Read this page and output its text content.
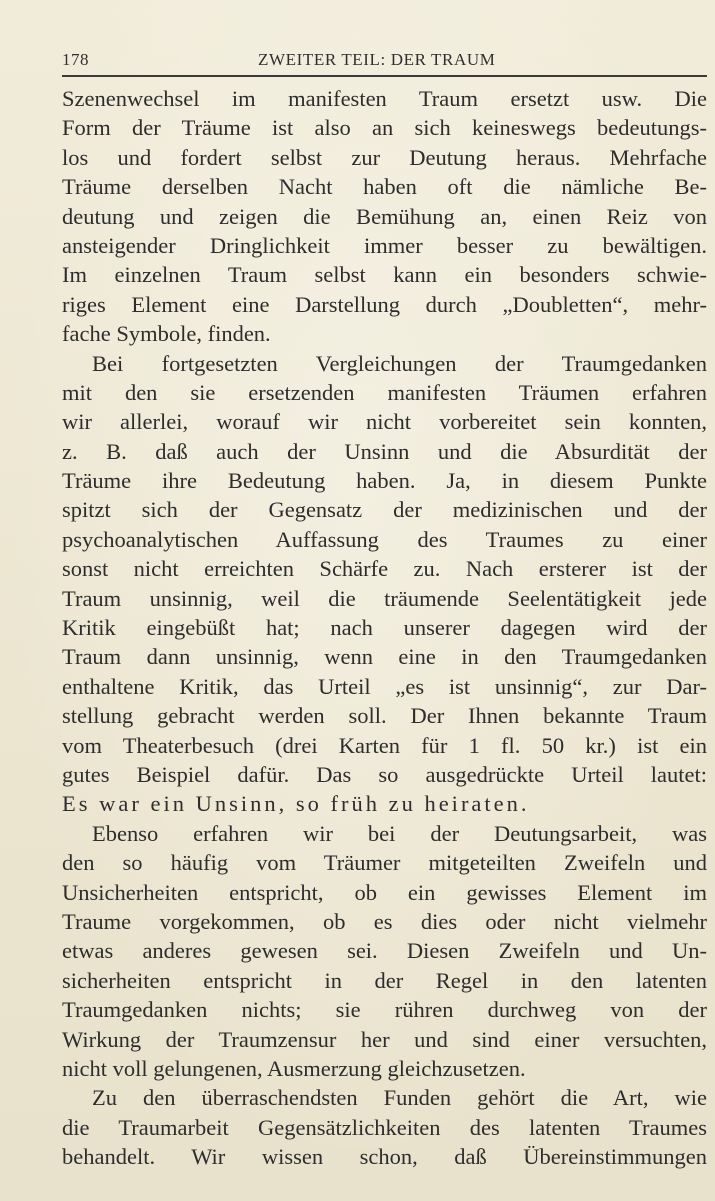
178	ZWEITER TEIL: DER TRAUM
Szenenwechsel im manifesten Traum ersetzt usw. Die
Form der Träume ist also an sich keineswegs bedeutungs-
los und fordert selbst zur Deutung heraus. Mehrfache
Träume derselben Nacht haben oft die nämliche Be-
deutung und zeigen die Bemühung an, einen Reiz von
ansteigender Dringlichkeit immer besser zu bewältigen.
Im einzelnen Traum selbst kann ein besonders schwie-
riges Element eine Darstellung durch „Doubletten“, mehr-
fache Symbole, finden.
Bei fortgesetzten Vergleichungen der Traumgedanken
mit den sie ersetzenden manifesten Träumen erfahren
wir allerlei, worauf wir nicht vorbereitet sein konnten,
z. B. daß auch der Unsinn und die Absurdität der
Träume ihre Bedeutung haben. Ja, in diesem Punkte
spitzt sich der Gegensatz der medizinischen und der
psychoanalytischen Auffassung des Traumes zu einer
sonst nicht erreichten Schärfe zu. Nach ersterer ist der
Traum unsinnig, weil die träumende Seelentätigkeit jede
Kritik eingebüßt hat; nach unserer dagegen wird der
Traum dann unsinnig, wenn eine in den Traumgedanken
enthaltene Kritik, das Urteil „es ist unsinnig“, zur Dar-
stellung gebracht werden soll. Der Ihnen bekannte Traum
vom Theaterbesuch (drei Karten für 1 fl. 50 kr.) ist ein
gutes Beispiel dafür. Das so ausgedrückte Urteil lautet:
Es war ein Unsinn, so früh zu heiraten.
Ebenso erfahren wir bei der Deutungsarbeit, was
den so häufig vom Träumer mitgeteilten Zweifeln und
Unsicherheiten entspricht, ob ein gewisses Element im
Traume vorgekommen, ob es dies oder nicht vielmehr
etwas anderes gewesen sei. Diesen Zweifeln und Un-
sicherheiten entspricht in der Regel in den latenten
Traumgedanken nichts; sie rühren durchweg von der
Wirkung der Traumzensur her und sind einer versuchten,
nicht voll gelungenen, Ausmerzung gleichzusetzen.
Zu den überraschendsten Funden gehört die Art, wie
die Traumarbeit Gegensätzlichkeiten des latenten Traumes
behandelt. Wir wissen schon, daß Übereinstimmungen
